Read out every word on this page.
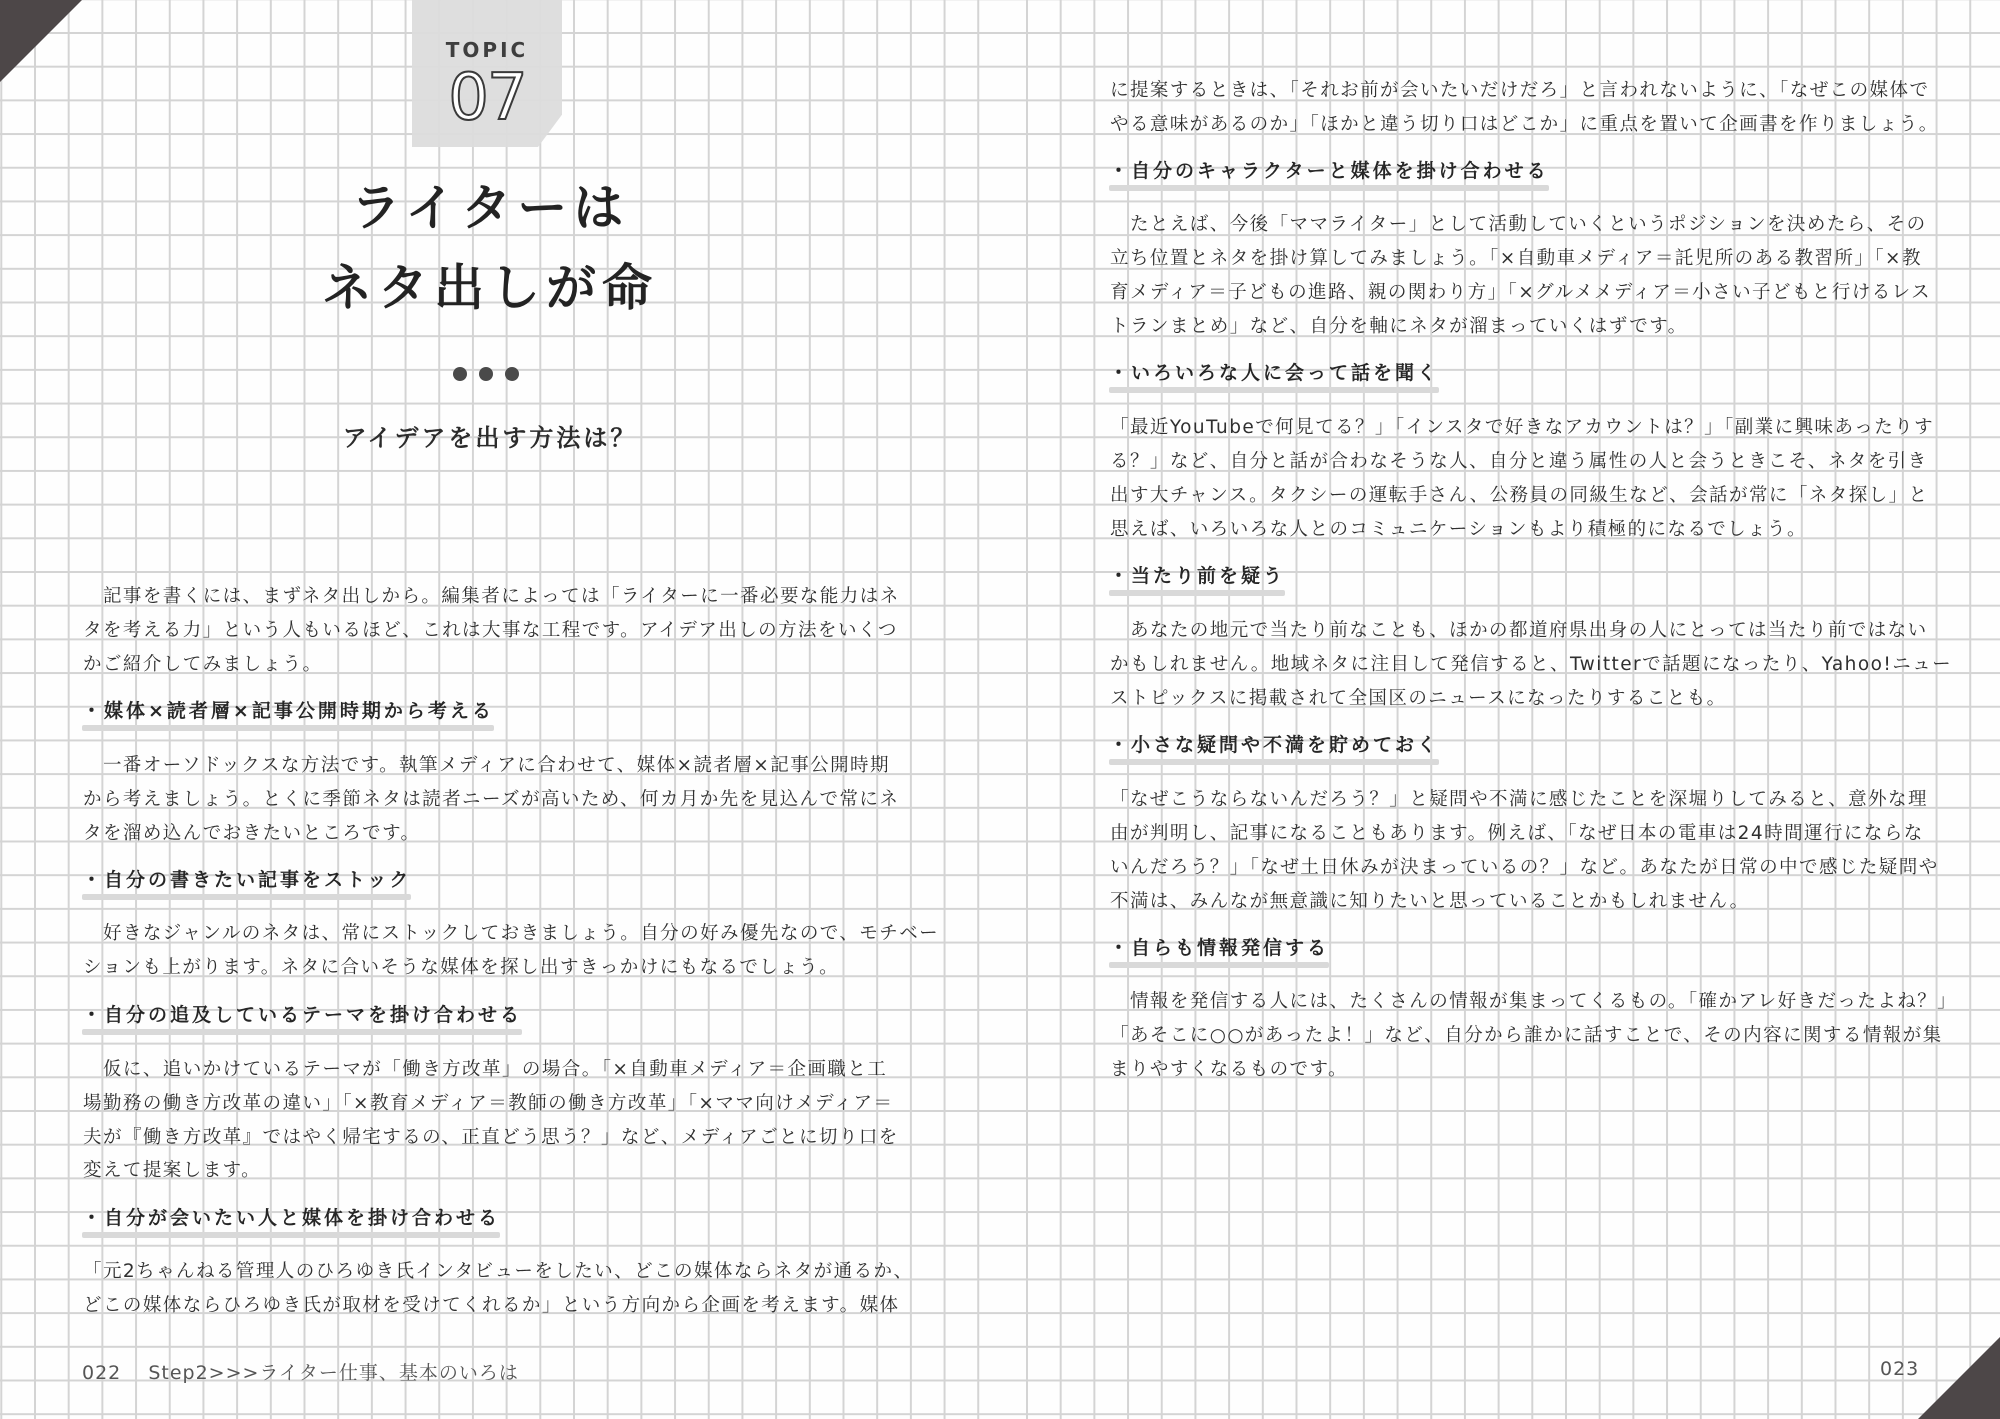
TOPIC
07
ライターは
ネタ出しが命
アイデアを出す方法は？
　記事を書くには、まずネタ出しから。編集者によっては「ライターに一番必要な能力はネ
タを考える力」という人もいるほど、これは大事な工程です。アイデア出しの方法をいくつ
かご紹介してみましょう。
・媒体×読者層×記事公開時期から考える
　一番オーソドックスな方法です。執筆メディアに合わせて、媒体×読者層×記事公開時期
から考えましょう。とくに季節ネタは読者ニーズが高いため、何カ月か先を見込んで常にネ
タを溜め込んでおきたいところです。
・自分の書きたい記事をストック
　好きなジャンルのネタは、常にストックしておきましょう。自分の好み優先なので、モチベー
ションも上がります。ネタに合いそうな媒体を探し出すきっかけにもなるでしょう。
・自分の追及しているテーマを掛け合わせる
　仮に、追いかけているテーマが「働き方改革」の場合。「×自動車メディア＝企画職と工
場勤務の働き方改革の違い」「×教育メディア＝教師の働き方改革」「×ママ向けメディア＝
夫が『働き方改革』ではやく帰宅するの、正直どう思う？」など、メディアごとに切り口を
変えて提案します。
・自分が会いたい人と媒体を掛け合わせる
「元2ちゃんねる管理人のひろゆき氏インタビューをしたい、どこの媒体ならネタが通るか、
どこの媒体ならひろゆき氏が取材を受けてくれるか」という方向から企画を考えます。媒体
022 Step2>>>ライター仕事、基本のいろは
に提案するときは、「それお前が会いたいだけだろ」と言われないように、「なぜこの媒体で
やる意味があるのか」「ほかと違う切り口はどこか」に重点を置いて企画書を作りましょう。
・自分のキャラクターと媒体を掛け合わせる
　たとえば、今後「ママライター」として活動していくというポジションを決めたら、その
立ち位置とネタを掛け算してみましょう。「×自動車メディア＝託児所のある教習所」「×教
育メディア＝子どもの進路、親の関わり方」「×グルメメディア＝小さい子どもと行けるレス
トランまとめ」など、自分を軸にネタが溜まっていくはずです。
・いろいろな人に会って話を聞く
「最近YouTubeで何見てる？」「インスタで好きなアカウントは？」「副業に興味あったりす
る？」など、自分と話が合わなそうな人、自分と違う属性の人と会うときこそ、ネタを引き
出す大チャンス。タクシーの運転手さん、公務員の同級生など、会話が常に「ネタ探し」と
思えば、いろいろな人とのコミュニケーションもより積極的になるでしょう。
・当たり前を疑う
　あなたの地元で当たり前なことも、ほかの都道府県出身の人にとっては当たり前ではない
かもしれません。地域ネタに注目して発信すると、Twitterで話題になったり、Yahoo!ニュー
ストピックスに掲載されて全国区のニュースになったりすることも。
・小さな疑問や不満を貯めておく
「なぜこうならないんだろう？」と疑問や不満に感じたことを深堀りしてみると、意外な理
由が判明し、記事になることもあります。例えば、「なぜ日本の電車は24時間運行にならな
いんだろう？」「なぜ土日休みが決まっているの？」など。あなたが日常の中で感じた疑問や
不満は、みんなが無意識に知りたいと思っていることかもしれません。
・自らも情報発信する
　情報を発信する人には、たくさんの情報が集まってくるもの。「確かアレ好きだったよね？」
「あそこに○○があったよ！」など、自分から誰かに話すことで、その内容に関する情報が集
まりやすくなるものです。
023
